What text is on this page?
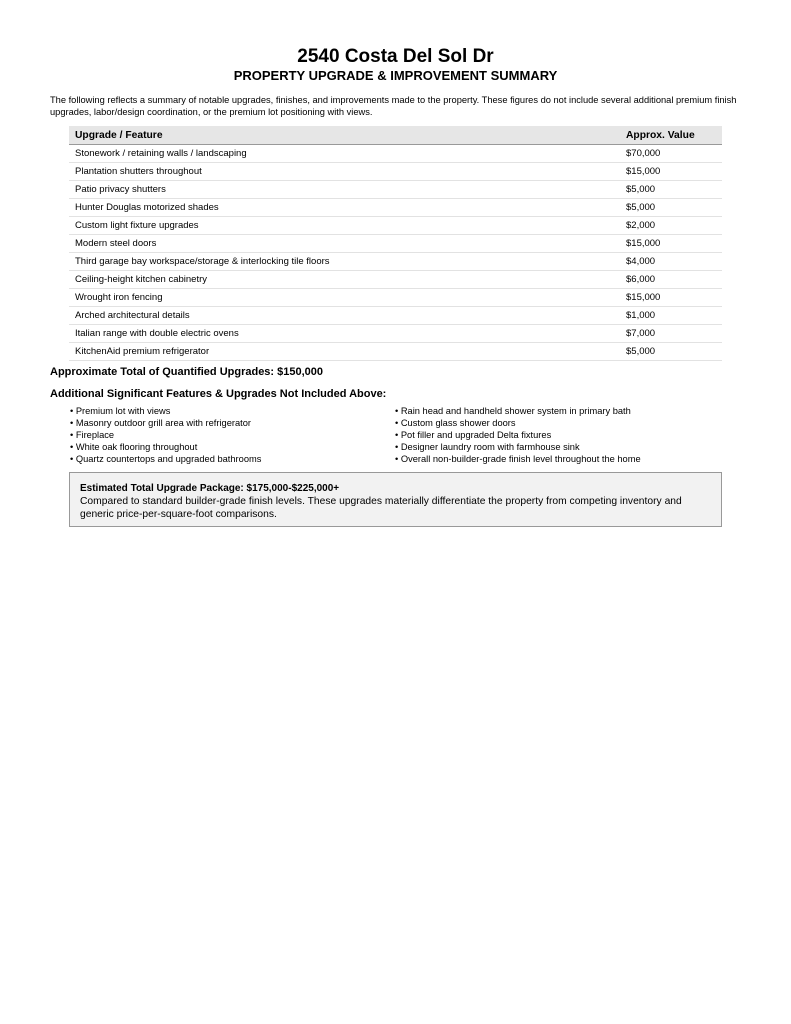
2540 Costa Del Sol Dr
PROPERTY UPGRADE & IMPROVEMENT SUMMARY
The following reflects a summary of notable upgrades, finishes, and improvements made to the property. These figures do not include several additional premium finish upgrades, labor/design coordination, or the premium lot positioning with views.
Upgrade / Feature	Approx. Value
Stonework / retaining walls / landscaping	$70,000
Plantation shutters throughout	$15,000
Patio privacy shutters	$5,000
Hunter Douglas motorized shades	$5,000
Custom light fixture upgrades	$2,000
Modern steel doors	$15,000
Third garage bay workspace/storage & interlocking tile floors	$4,000
Ceiling-height kitchen cabinetry	$6,000
Wrought iron fencing	$15,000
Arched architectural details	$1,000
Italian range with double electric ovens	$7,000
KitchenAid premium refrigerator	$5,000
Approximate Total of Quantified Upgrades: $150,000
Additional Significant Features & Upgrades Not Included Above:
• Premium lot with views
• Masonry outdoor grill area with refrigerator
• Fireplace
• White oak flooring throughout
• Quartz countertops and upgraded bathrooms
• Rain head and handheld shower system in primary bath
• Custom glass shower doors
• Pot filler and upgraded Delta fixtures
• Designer laundry room with farmhouse sink
• Overall non-builder-grade finish level throughout the home
Estimated Total Upgrade Package: $175,000-$225,000+
Compared to standard builder-grade finish levels. These upgrades materially differentiate the property from competing inventory and generic price-per-square-foot comparisons.
